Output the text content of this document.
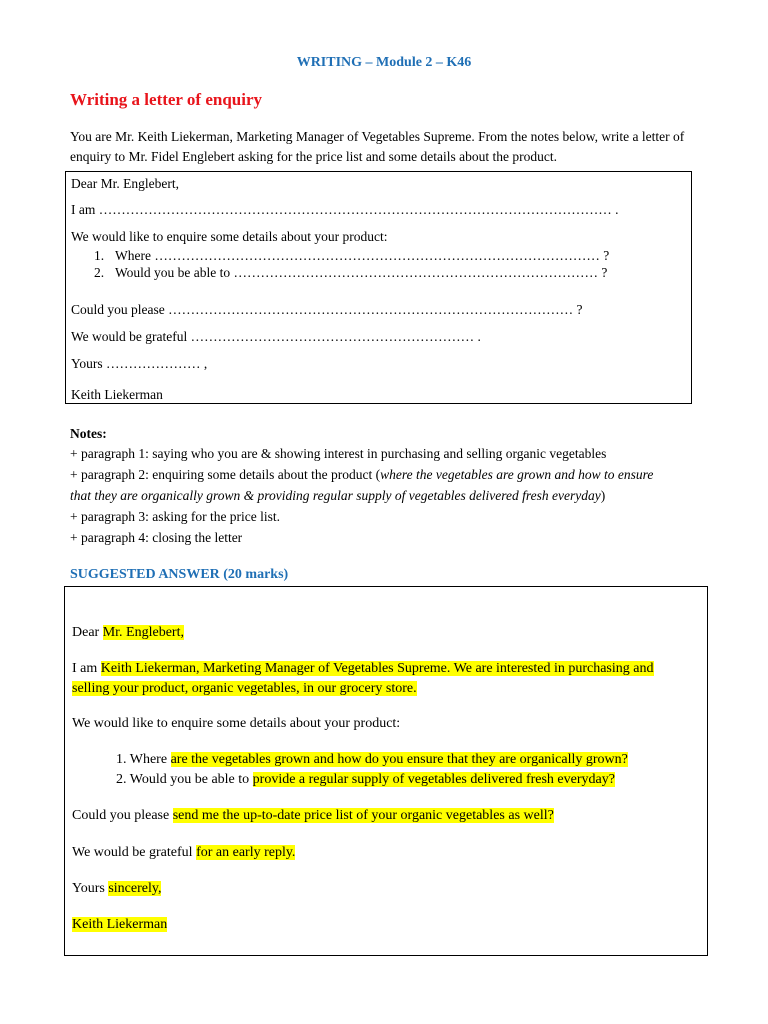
WRITING – Module 2 – K46
Writing a letter of enquiry
You are Mr. Keith Liekerman, Marketing Manager of Vegetables Supreme. From the notes below, write a letter of enquiry to Mr. Fidel Englebert asking for the price list and some details about the product.
Dear Mr. Englebert,
I am …………………………………………………………………………………………………… .
We would like to enquire some details about your product:
1. Where ……………………………………………………………………………………… ?
2. Would you be able to ……………………………………………………………………… ?
Could you please ……………………………………………………………………………… ?
We would be grateful ……………………………………………………… .
Yours ………………… ,
Keith Liekerman
Notes:
+ paragraph 1: saying who you are & showing interest in purchasing and selling organic vegetables
+ paragraph 2: enquiring some details about the product (where the vegetables are grown and how to ensure
that they are organically grown & providing regular supply of vegetables delivered fresh everyday)
+ paragraph 3: asking for the price list.
+ paragraph 4: closing the letter
SUGGESTED ANSWER (20 marks)
Dear Mr. Englebert,
I am Keith Liekerman, Marketing Manager of Vegetables Supreme. We are interested in purchasing and
selling your product, organic vegetables, in our grocery store.
We would like to enquire some details about your product:
1. Where are the vegetables grown and how do you ensure that they are organically grown?
2. Would you be able to provide a regular supply of vegetables delivered fresh everyday?
Could you please send me the up-to-date price list of your organic vegetables as well?
We would be grateful for an early reply.
Yours sincerely,
Keith Liekerman
